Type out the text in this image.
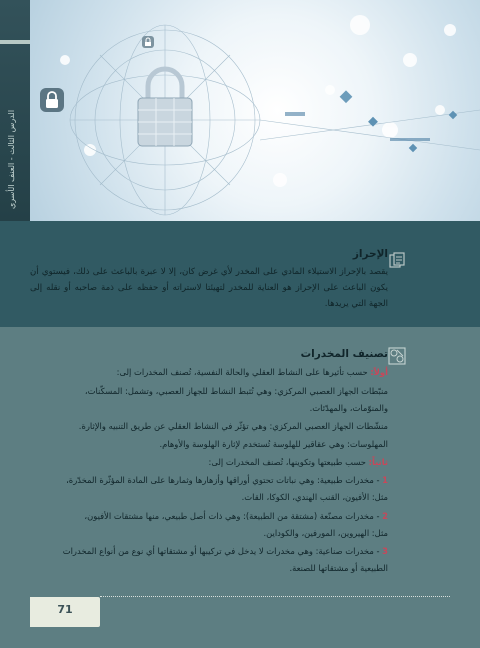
الدرس الثالث - العنف الأسري
الإحراز
يقصد بالإحراز الاستيلاء المادي على المخدر لأي غرض كان، إلا لا عبرة بالباعث على ذلك، فيستوي أن يكون الباعث على الإحراز هو العناية للمخدر لتهيئتا لاستراته أو حفظه على ذمة صاحبه أو نقله إلى الجهة التي يريدها.
تصنيف المخدرات
أولاً: حسب تأثيرها على النشاط العقلي والحالة النفسية، تُصنف المخدرات إلى:
منبّطات الجهاز العصبي المركزي: وهي تُثبط النشاط للجهاز العصبي، وتشمل: المسكّنات،
والمنوّمات، والمهدّئات.
منشّطات الجهاز العصبي المركزي: وهي تؤثّر في النشاط العقلي عن طريق التنبيه والإثارة.
المهلوسات: وهي عقاقير للهلوسة تُستخدم لإثارة الهلوسة والأوهام.
ثانياً: حسب طبيعتها وتكوينها، تُصنف المخدرات إلى:
1 - مخدرات طبيعية: وهي نباتات تحتوي أوراقها وأزهارها وثمارها على المادة المؤثّرة المخدّرة،
مثل: الأفيون، القنب الهندي، الكوكا، القات.
2 - مخدرات مصنّعة (مشتقة من الطبيعة): وهي ذات أصل طبيعي، منها مشتقات الأفيون،
مثل: الهيروين، المورفين، والكوداين.
3 - مخدرات صناعية: وهي مخدرات لا يدخل في تركيبها أو مشتقاتها أي نوع من أنواع المخدرات
الطبيعية أو مشتقاتها للصنعة.
71
